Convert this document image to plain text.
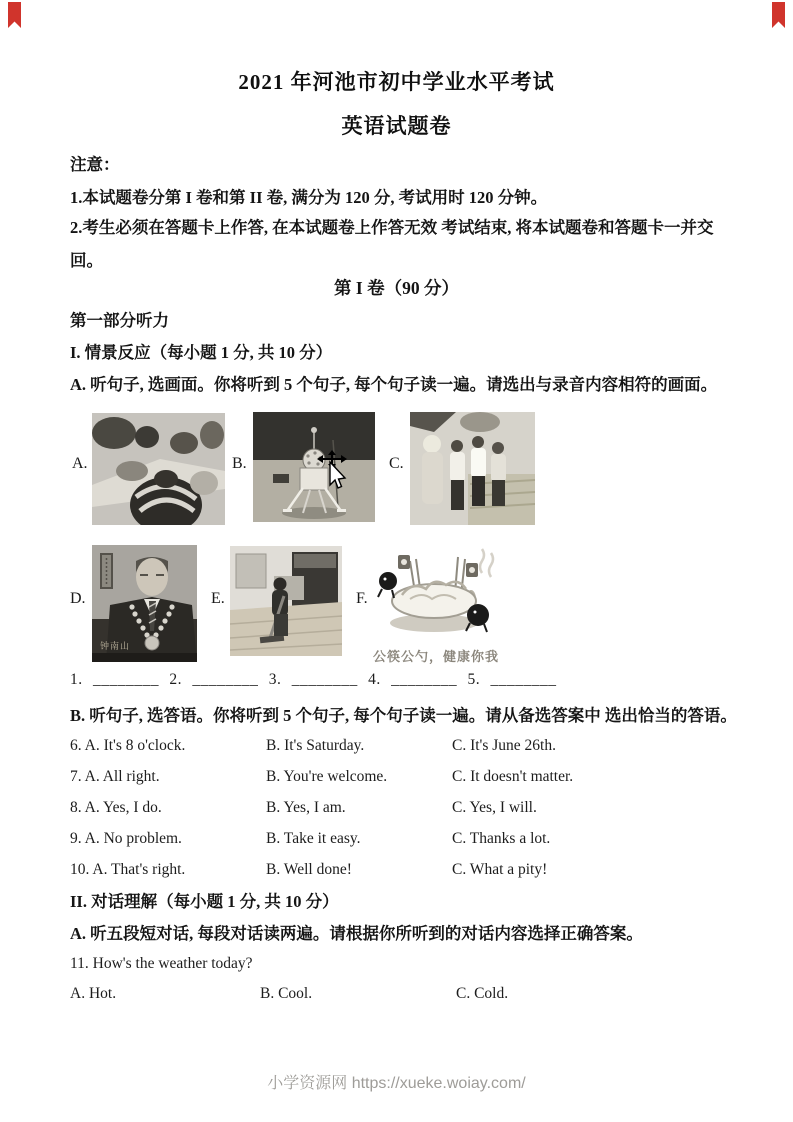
2021 年河池市初中学业水平考试
英语试题卷
注意：
1.本试题卷分第 I 卷和第 II 卷, 满分为 120 分, 考试用时 120 分钟。
2.考生必须在答题卡上作答, 在本试题卷上作答无效 考试结束, 将本试题卷和答题卡一并交回。
第 I 卷（90 分）
第一部分听力
I. 情景反应（每小题 1 分, 共 10 分）
A. 听句子, 选画面。你将听到 5 个句子, 每个句子读一遍。请选出与录音内容相符的画面。
A.	B.	C.
D.	E.	F.
钟南山
公筷公勺，健康你我
1. ________ 2. ________ 3. ________ 4. ________ 5. ________
B. 听句子, 选答语。你将听到 5 个句子, 每个句子读一遍。请从备选答案中 选出恰当的答语。
6. A. It's 8 o'clock.	B. It's Saturday.	C. It's June 26th.
7. A. All right.	B. You're welcome.	C. It doesn't matter.
8. A. Yes, I do.	B. Yes, I am.	C. Yes, I will.
9. A. No problem.	B. Take it easy.	C. Thanks a lot.
10. A. That's right.	B. Well done!	C. What a pity!
II. 对话理解（每小题 1 分, 共 10 分）
A. 听五段短对话, 每段对话读两遍。请根据你所听到的对话内容选择正确答案。
11. How's the weather today?
A. Hot.	B. Cool.	C. Cold.
小学资源网 https://xueke.woiay.com/
